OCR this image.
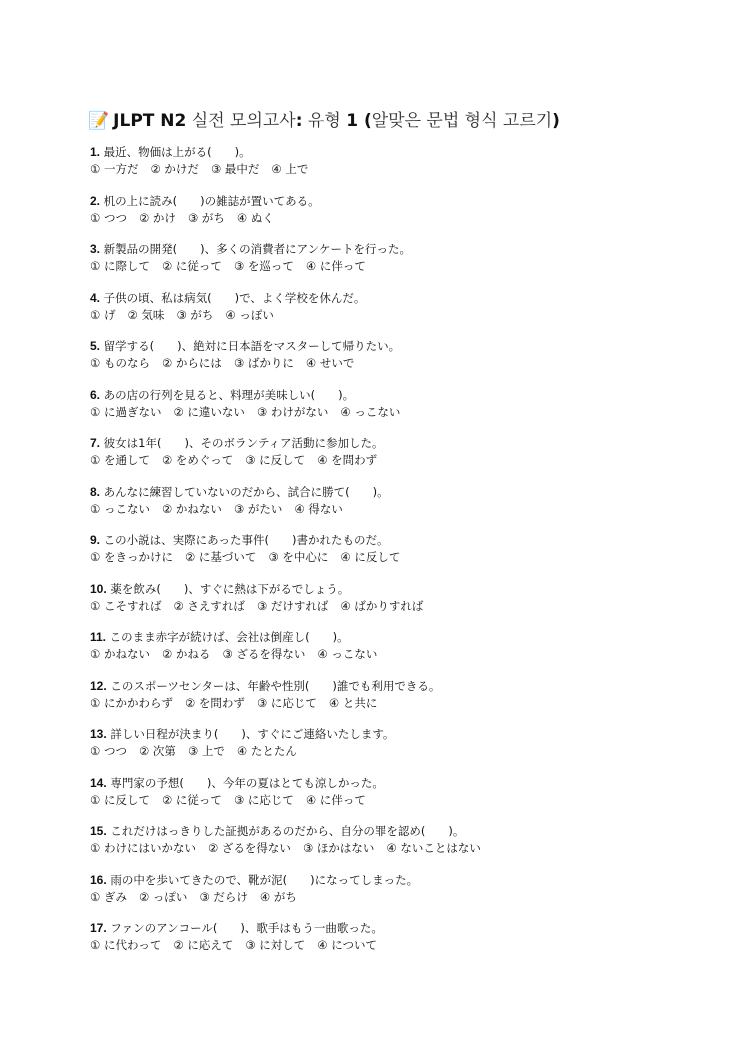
📝 JLPT N2 실전 모의고사: 유형 1 (알맞은 문법 형식 고르기)
1. 最近、物価は上がる(　　)。
① 一方だ ② かけだ ③ 最中だ ④ 上で
2. 机の上に読み(　　)の雑誌が置いてある。
① つつ ② かけ ③ がち ④ ぬく
3. 新製品の開発(　　)、多くの消費者にアンケートを行った。
① に際して ② に従って ③ を巡って ④ に伴って
4. 子供の頃、私は病気(　　)で、よく学校を休んだ。
① げ ② 気味 ③ がち ④ っぽい
5. 留学する(　　)、絶対に日本語をマスターして帰りたい。
① ものなら ② からには ③ ばかりに ④ せいで
6. あの店の行列を見ると、料理が美味しい(　　)。
① に過ぎない ② に違いない ③ わけがない ④ っこない
7. 彼女は1年(　　)、そのボランティア活動に参加した。
① を通して ② をめぐって ③ に反して ④ を問わず
8. あんなに練習していないのだから、試合に勝て(　　)。
① っこない ② かねない ③ がたい ④ 得ない
9. この小説は、実際にあった事件(　　)書かれたものだ。
① をきっかけに ② に基づいて ③ を中心に ④ に反して
10. 薬を飲み(　　)、すぐに熱は下がるでしょう。
① こそすれば ② さえすれば ③ だけすれば ④ ばかりすれば
11. このまま赤字が続けば、会社は倒産し(　　)。
① かねない ② かねる ③ ざるを得ない ④ っこない
12. このスポーツセンターは、年齢や性別(　　)誰でも利用できる。
① にかかわらず ② を問わず ③ に応じて ④ と共に
13. 詳しい日程が決まり(　　)、すぐにご連絡いたします。
① つつ ② 次第 ③ 上で ④ たとたん
14. 専門家の予想(　　)、今年の夏はとても涼しかった。
① に反して ② に従って ③ に応じて ④ に伴って
15. これだけはっきりした証拠があるのだから、自分の罪を認め(　　)。
① わけにはいかない ② ざるを得ない ③ ほかはない ④ ないことはない
16. 雨の中を歩いてきたので、靴が泥(　　)になってしまった。
① ぎみ ② っぽい ③ だらけ ④ がち
17. ファンのアンコール(　　)、歌手はもう一曲歌った。
① に代わって ② に応えて ③ に対して ④ について
